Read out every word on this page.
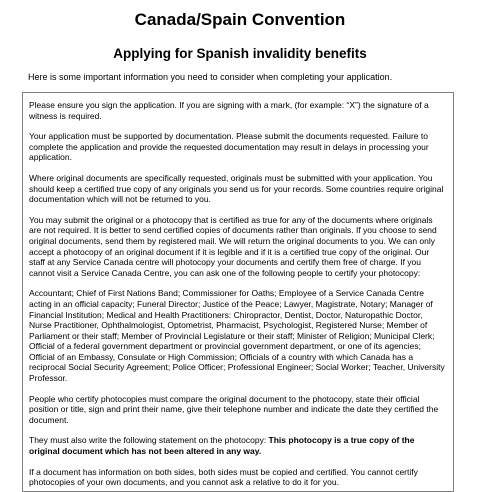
Canada/Spain Convention
Applying for Spanish invalidity benefits

Here is some important information you need to consider when completing your application.

Please ensure you sign the application. If you are signing with a mark, (for example: “X”) the signature of a witness is required.

Your application must be supported by documentation. Please submit the documents requested. Failure to complete the application and provide the requested documentation may result in delays in processing your application.

Where original documents are specifically requested, originals must be submitted with your application. You should keep a certified true copy of any originals you send us for your records. Some countries require original documentation which will not be returned to you.

You may submit the original or a photocopy that is certified as true for any of the documents where originals are not required. It is better to send certified copies of documents rather than originals. If you choose to send original documents, send them by registered mail. We will return the original documents to you. We can only accept a photocopy of an original document if it is legible and if it is a certified true copy of the original. Our staff at any Service Canada centre will photocopy your documents and certify them free of charge. If you cannot visit a Service Canada Centre, you can ask one of the following people to certify your photocopy:

Accountant; Chief of First Nations Band; Commissioner for Oaths; Employee of a Service Canada Centre acting in an official capacity; Funeral Director; Justice of the Peace; Lawyer, Magistrate, Notary; Manager of Financial Institution; Medical and Health Practitioners: Chiropractor, Dentist, Doctor, Naturopathic Doctor, Nurse Practitioner, Ophthalmologist, Optometrist, Pharmacist, Psychologist, Registered Nurse; Member of Parliament or their staff; Member of Provincial Legislature or their staff; Minister of Religion; Municipal Clerk; Official of a federal government department or provincial government department, or one of its agencies; Official of an Embassy, Consulate or High Commission; Officials of a country with which Canada has a reciprocal Social Security Agreement; Police Officer; Professional Engineer; Social Worker; Teacher, University Professor.

People who certify photocopies must compare the original document to the photocopy, state their official position or title, sign and print their name, give their telephone number and indicate the date they certified the document.

They must also write the following statement on the photocopy: This photocopy is a true copy of the original document which has not been altered in any way.

If a document has information on both sides, both sides must be copied and certified. You cannot certify photocopies of your own documents, and you cannot ask a relative to do it for you.
